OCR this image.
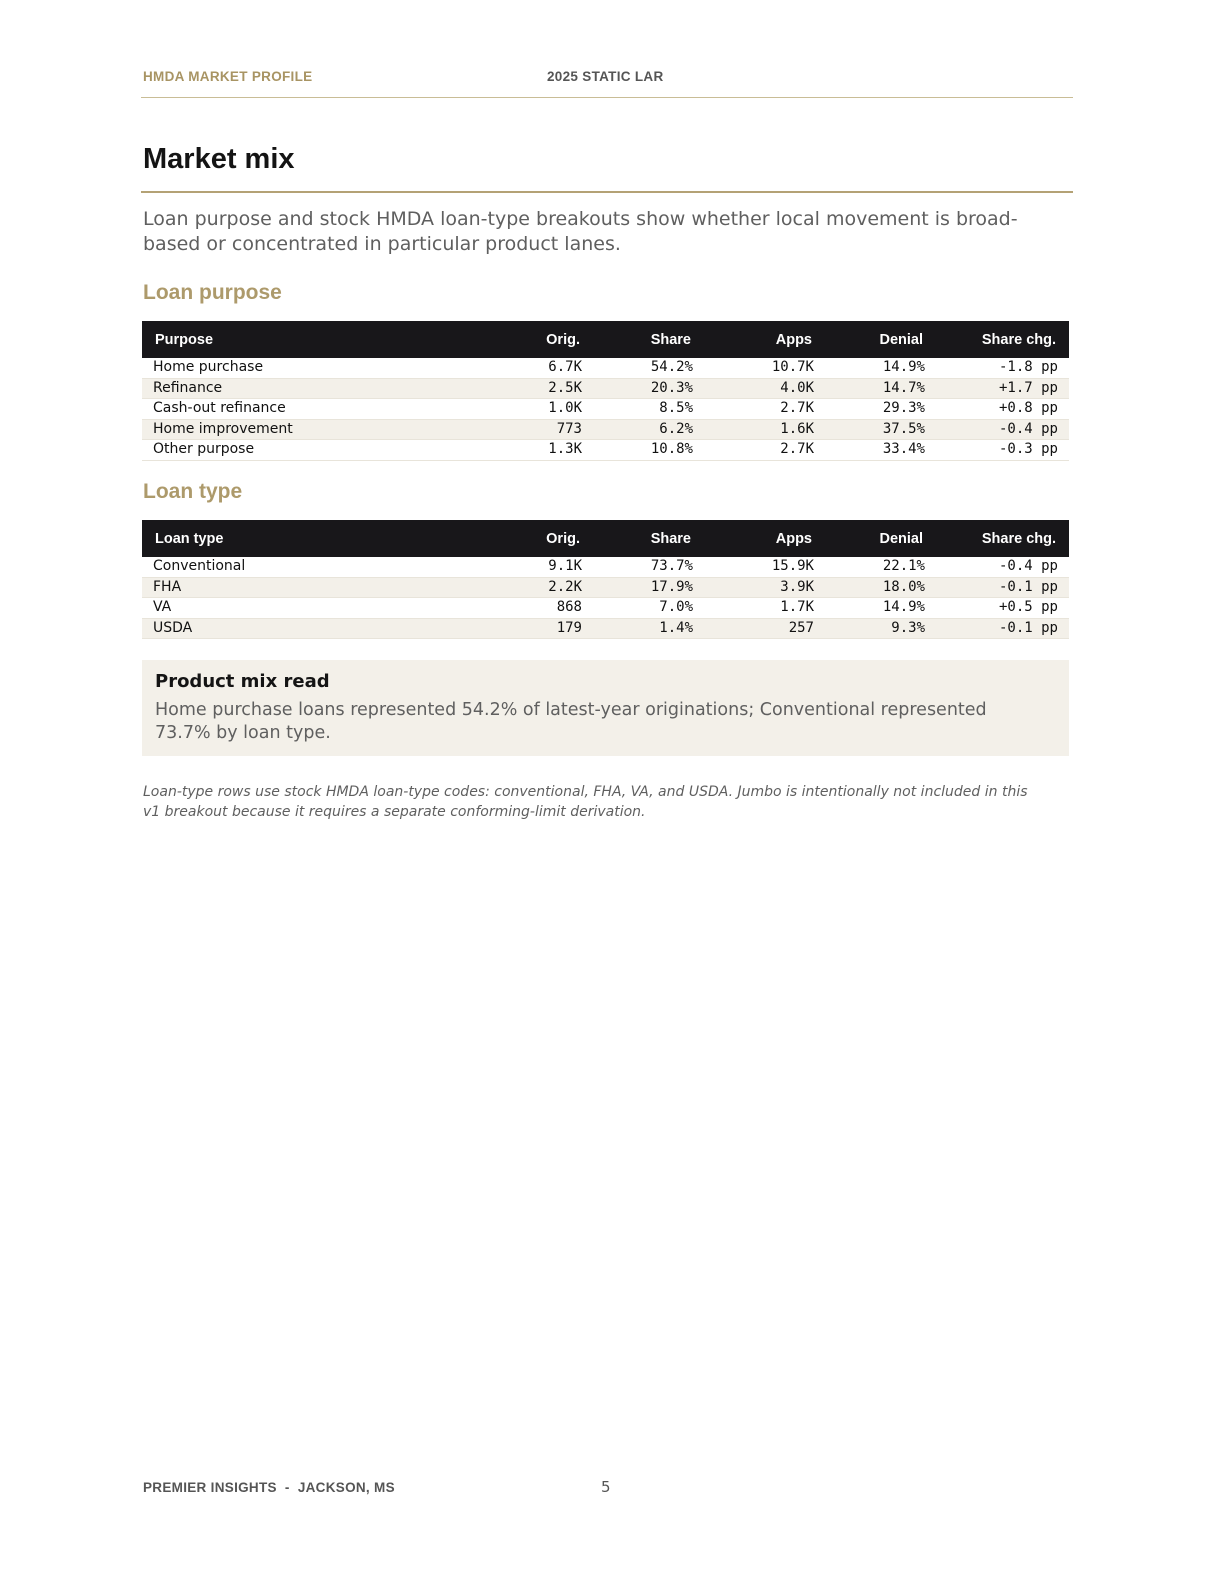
HMDA MARKET PROFILE	2025 STATIC LAR
Market mix

Loan purpose and stock HMDA loan-type breakouts show whether local movement is broad-based or concentrated in particular product lanes.

Loan purpose
Purpose	Orig.	Share	Apps	Denial	Share chg.
Home purchase	6.7K	54.2%	10.7K	14.9%	-1.8 pp
Refinance	2.5K	20.3%	4.0K	14.7%	+1.7 pp
Cash-out refinance	1.0K	8.5%	2.7K	29.3%	+0.8 pp
Home improvement	773	6.2%	1.6K	37.5%	-0.4 pp
Other purpose	1.3K	10.8%	2.7K	33.4%	-0.3 pp
Loan type
Loan type	Orig.	Share	Apps	Denial	Share chg.
Conventional	9.1K	73.7%	15.9K	22.1%	-0.4 pp
FHA	2.2K	17.9%	3.9K	18.0%	-0.1 pp
VA	868	7.0%	1.7K	14.9%	+0.5 pp
USDA	179	1.4%	257	9.3%	-0.1 pp
Product mix read

Home purchase loans represented 54.2% of latest-year originations; Conventional represented 73.7% by loan type.

Loan-type rows use stock HMDA loan-type codes: conventional, FHA, VA, and USDA. Jumbo is intentionally not included in this v1 breakout because it requires a separate conforming-limit derivation.

PREMIER INSIGHTS  -  JACKSON, MS	5
